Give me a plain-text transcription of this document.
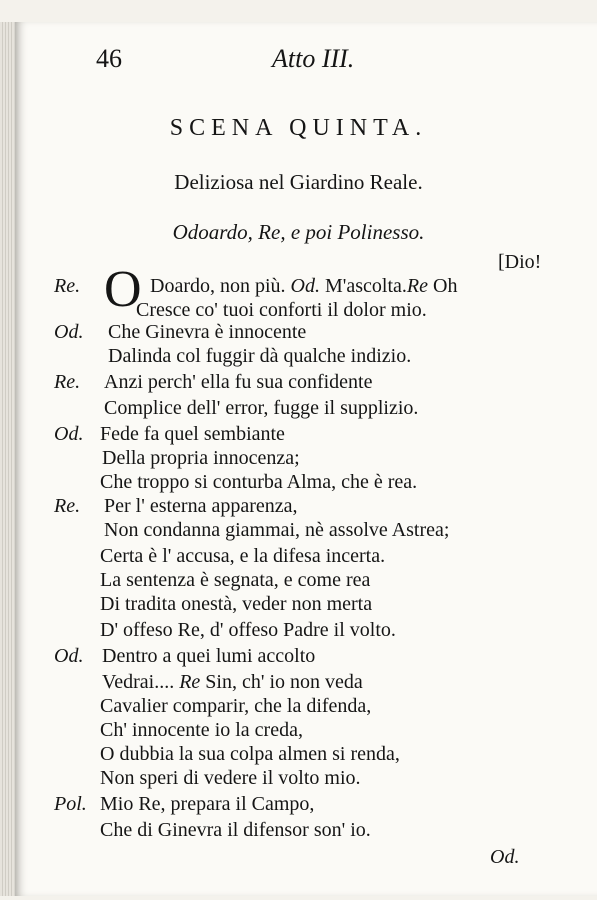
46	Atto III.
SCENA QUINTA.
Deliziosa nel Giardino Reale.
Odoardo, Re, e poi Polinesso.
[Dio!
O
Re.	Doardo, non più. Od. M'ascolta.Re Oh
Cresce co' tuoi conforti il dolor mio.
Od. Che Ginevra è innocente
Dalinda col fuggir dà qualche indizio.
Re. Anzi perch' ella fu sua confidente
Complice dell' error, fugge il supplizio.
Od. Fede fa quel sembiante
Della propria innocenza;
Che troppo si conturba Alma, che è rea.
Re. Per l' esterna apparenza,
Non condanna giammai, nè assolve Astrea;
Certa è l' accusa, e la difesa incerta.
La sentenza è segnata, e come rea
Di tradita onestà, veder non merta
D' offeso Re, d' offeso Padre il volto.
Od. Dentro a quei lumi accolto
Vedrai.... Re Sin, ch' io non veda
Cavalier comparir, che la difenda,
Ch' innocente io la creda,
O dubbia la sua colpa almen si renda,
Non speri di vedere il volto mio.
Pol. Mio Re, prepara il Campo,
Che di Ginevra il difensor son' io.
Od.
